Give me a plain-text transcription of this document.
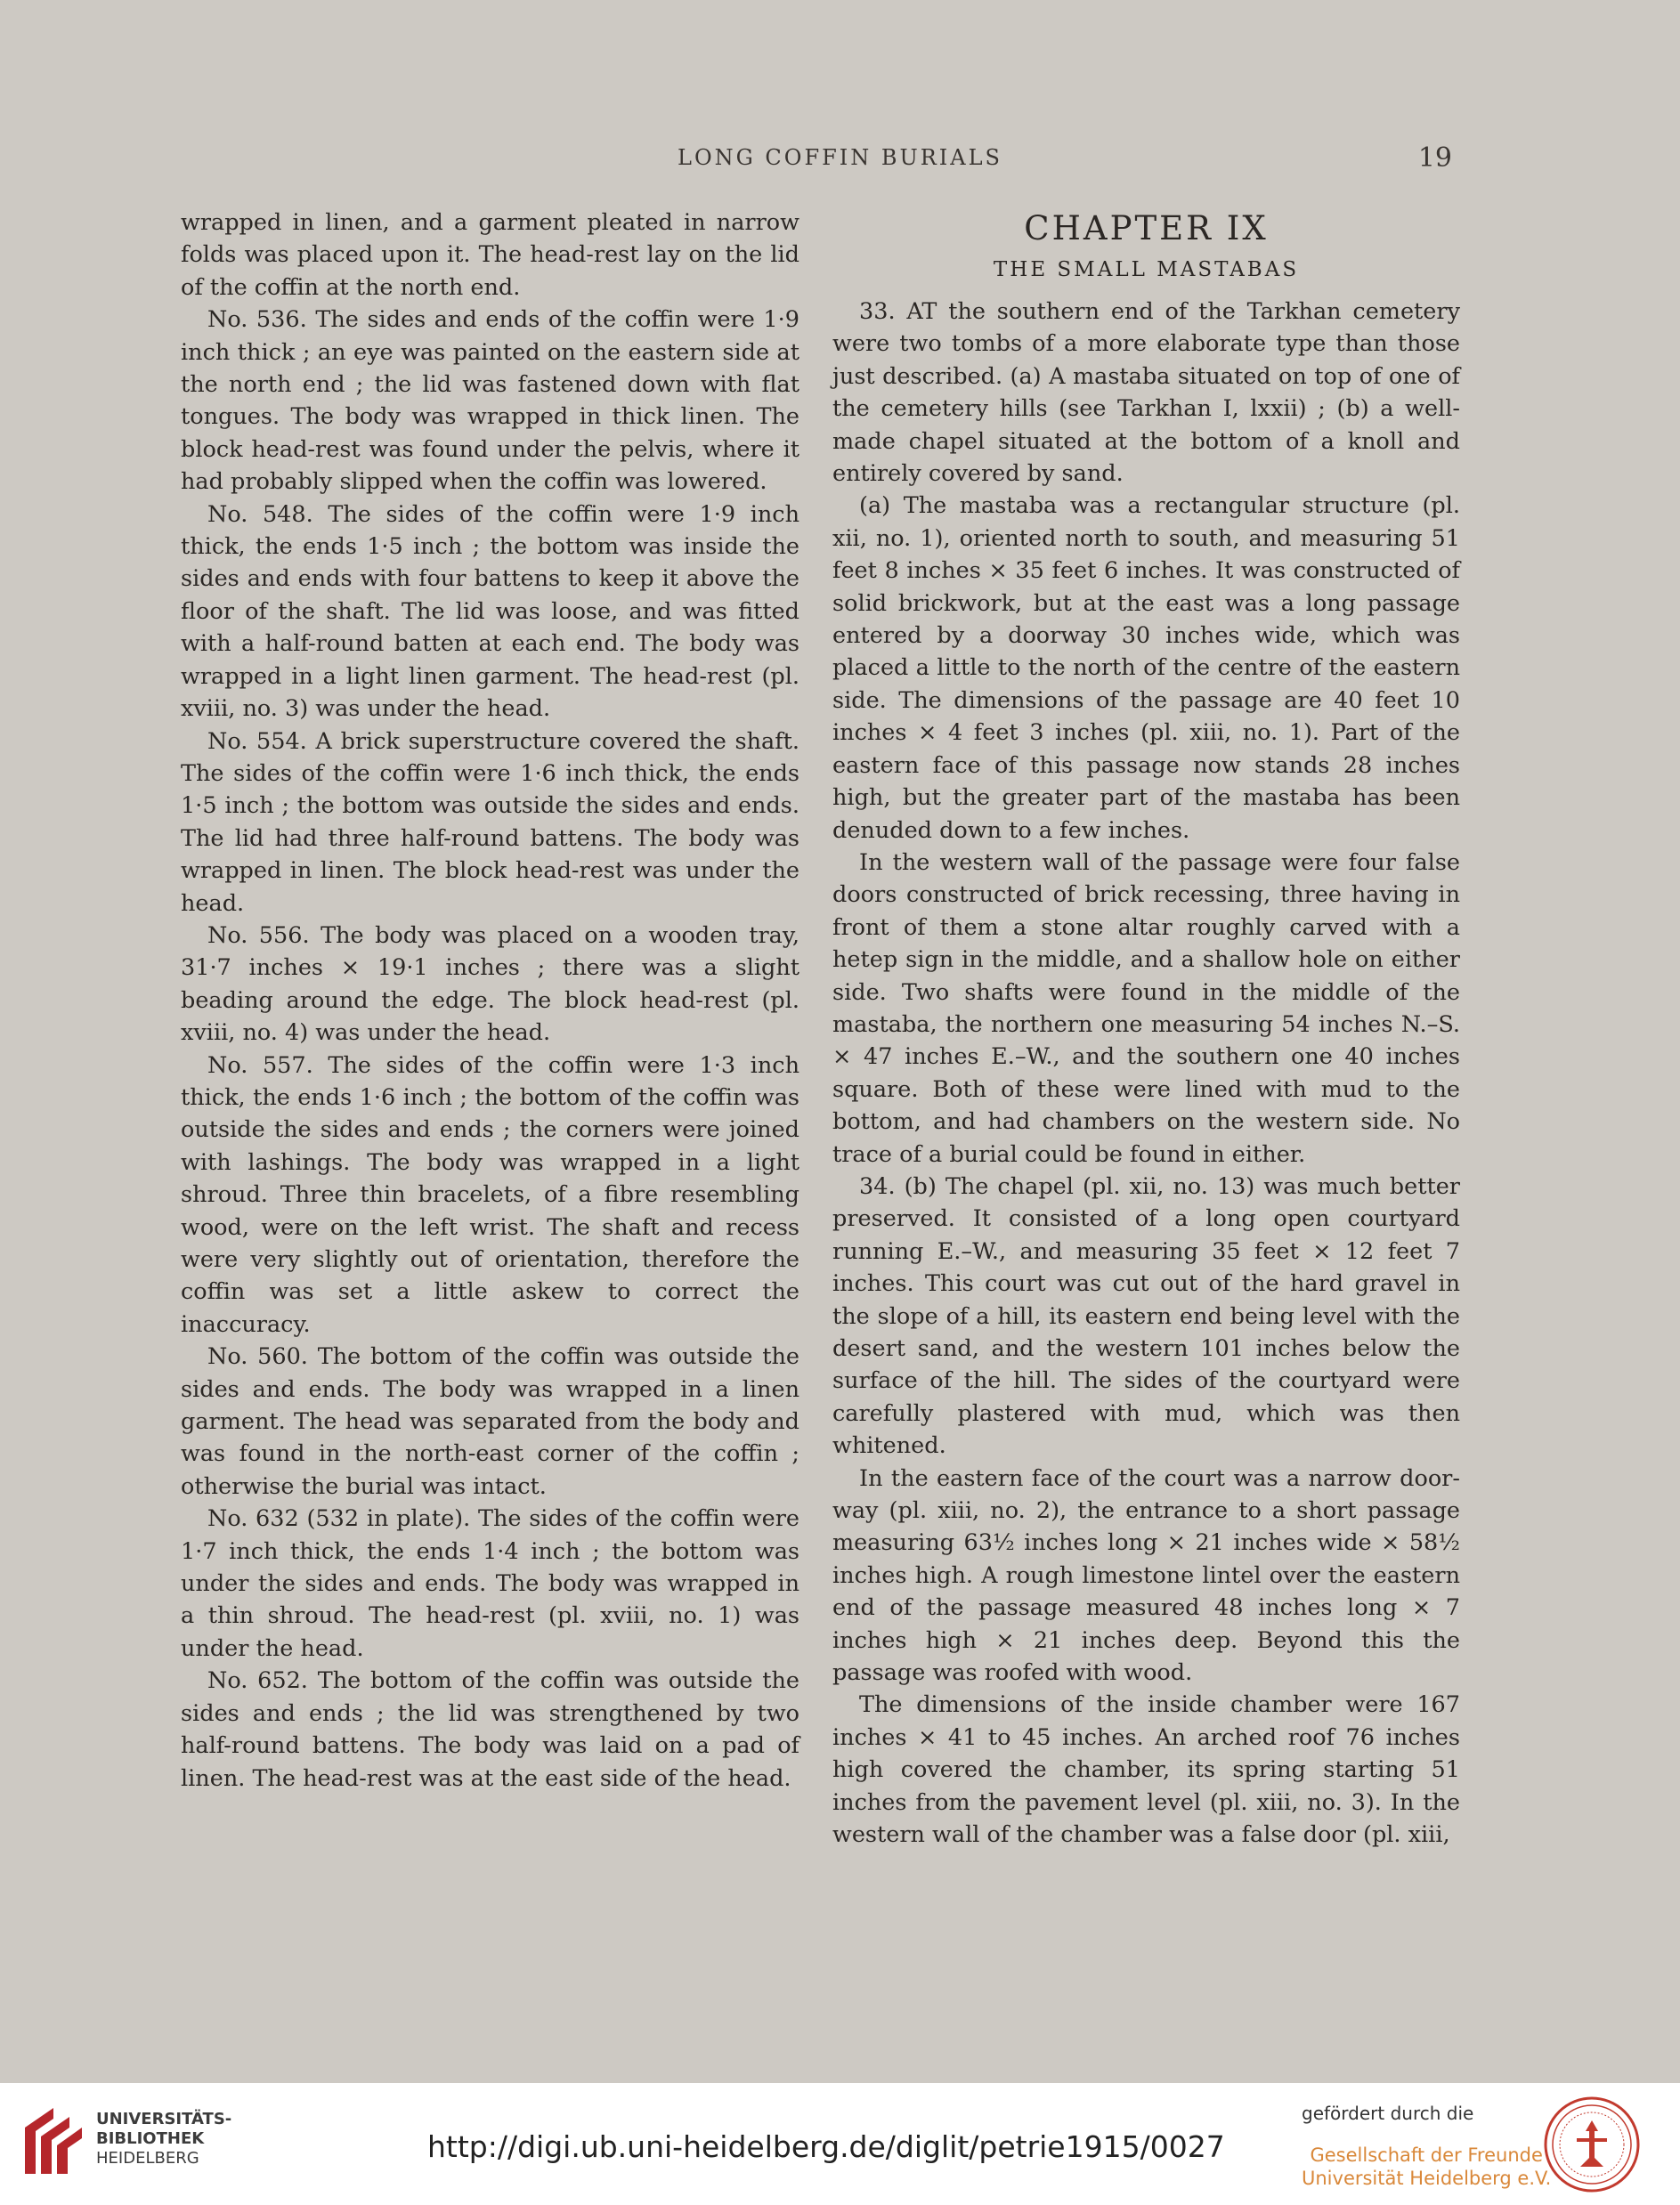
LONG COFFIN BURIALS	19

wrapped in linen, and a garment pleated in narrow folds was placed upon it. The head-rest lay on the lid of the coffin at the north end.

No. 536. The sides and ends of the coffin were 1·9 inch thick ; an eye was painted on the eastern side at the north end ; the lid was fastened down with flat tongues. The body was wrapped in thick linen. The block head-rest was found under the pelvis, where it had probably slipped when the coffin was lowered.

No. 548. The sides of the coffin were 1·9 inch thick, the ends 1·5 inch ; the bottom was inside the sides and ends with four battens to keep it above the floor of the shaft. The lid was loose, and was fitted with a half-round batten at each end. The body was wrapped in a light linen garment. The head-rest (pl. xviii, no. 3) was under the head.

No. 554. A brick superstructure covered the shaft. The sides of the coffin were 1·6 inch thick, the ends 1·5 inch ; the bottom was outside the sides and ends. The lid had three half-round battens. The body was wrapped in linen. The block head-rest was under the head.

No. 556. The body was placed on a wooden tray, 31·7 inches × 19·1 inches ; there was a slight beading around the edge. The block head-rest (pl. xviii, no. 4) was under the head.

No. 557. The sides of the coffin were 1·3 inch thick, the ends 1·6 inch ; the bottom of the coffin was outside the sides and ends ; the corners were joined with lashings. The body was wrapped in a light shroud. Three thin bracelets, of a fibre resembling wood, were on the left wrist. The shaft and recess were very slightly out of orientation, therefore the coffin was set a little askew to correct the inaccuracy.

No. 560. The bottom of the coffin was outside the sides and ends. The body was wrapped in a linen garment. The head was separated from the body and was found in the north-east corner of the coffin ; otherwise the burial was intact.

No. 632 (532 in plate). The sides of the coffin were 1·7 inch thick, the ends 1·4 inch ; the bottom was under the sides and ends. The body was wrapped in a thin shroud. The head-rest (pl. xviii, no. 1) was under the head.

No. 652. The bottom of the coffin was outside the sides and ends ; the lid was strengthened by two half-round battens. The body was laid on a pad of linen. The head-rest was at the east side of the head.

CHAPTER IX
THE SMALL MASTABAS

33. AT the southern end of the Tarkhan cemetery were two tombs of a more elaborate type than those just described. (a) A mastaba situated on top of one of the cemetery hills (see Tarkhan I, lxxii) ; (b) a well-made chapel situated at the bottom of a knoll and entirely covered by sand.

(a) The mastaba was a rectangular structure (pl. xii, no. 1), oriented north to south, and measuring 51 feet 8 inches × 35 feet 6 inches. It was constructed of solid brickwork, but at the east was a long passage entered by a doorway 30 inches wide, which was placed a little to the north of the centre of the eastern side. The dimensions of the passage are 40 feet 10 inches × 4 feet 3 inches (pl. xiii, no. 1). Part of the eastern face of this passage now stands 28 inches high, but the greater part of the mastaba has been denuded down to a few inches.

In the western wall of the passage were four false doors constructed of brick recessing, three having in front of them a stone altar roughly carved with a hetep sign in the middle, and a shallow hole on either side. Two shafts were found in the middle of the mastaba, the northern one measuring 54 inches N.–S. × 47 inches E.–W., and the southern one 40 inches square. Both of these were lined with mud to the bottom, and had chambers on the western side. No trace of a burial could be found in either.

34. (b) The chapel (pl. xii, no. 13) was much better preserved. It consisted of a long open courtyard running E.–W., and measuring 35 feet × 12 feet 7 inches. This court was cut out of the hard gravel in the slope of a hill, its eastern end being level with the desert sand, and the western 101 inches below the surface of the hill. The sides of the courtyard were carefully plastered with mud, which was then whitened.

In the eastern face of the court was a narrow doorway (pl. xiii, no. 2), the entrance to a short passage measuring 63½ inches long × 21 inches wide × 58½ inches high. A rough limestone lintel over the eastern end of the passage measured 48 inches long × 7 inches high × 21 inches deep. Beyond this the passage was roofed with wood.

The dimensions of the inside chamber were 167 inches × 41 to 45 inches. An arched roof 76 inches high covered the chamber, its spring starting 51 inches from the pavement level (pl. xiii, no. 3). In the western wall of the chamber was a false door (pl. xiii,

UNIVERSITÄTS-
BIBLIOTHEK
HEIDELBERG	http://digi.ub.uni-heidelberg.de/diglit/petrie1915/0027
gefördert durch die
Gesellschaft der Freunde
Universität Heidelberg e.V.
